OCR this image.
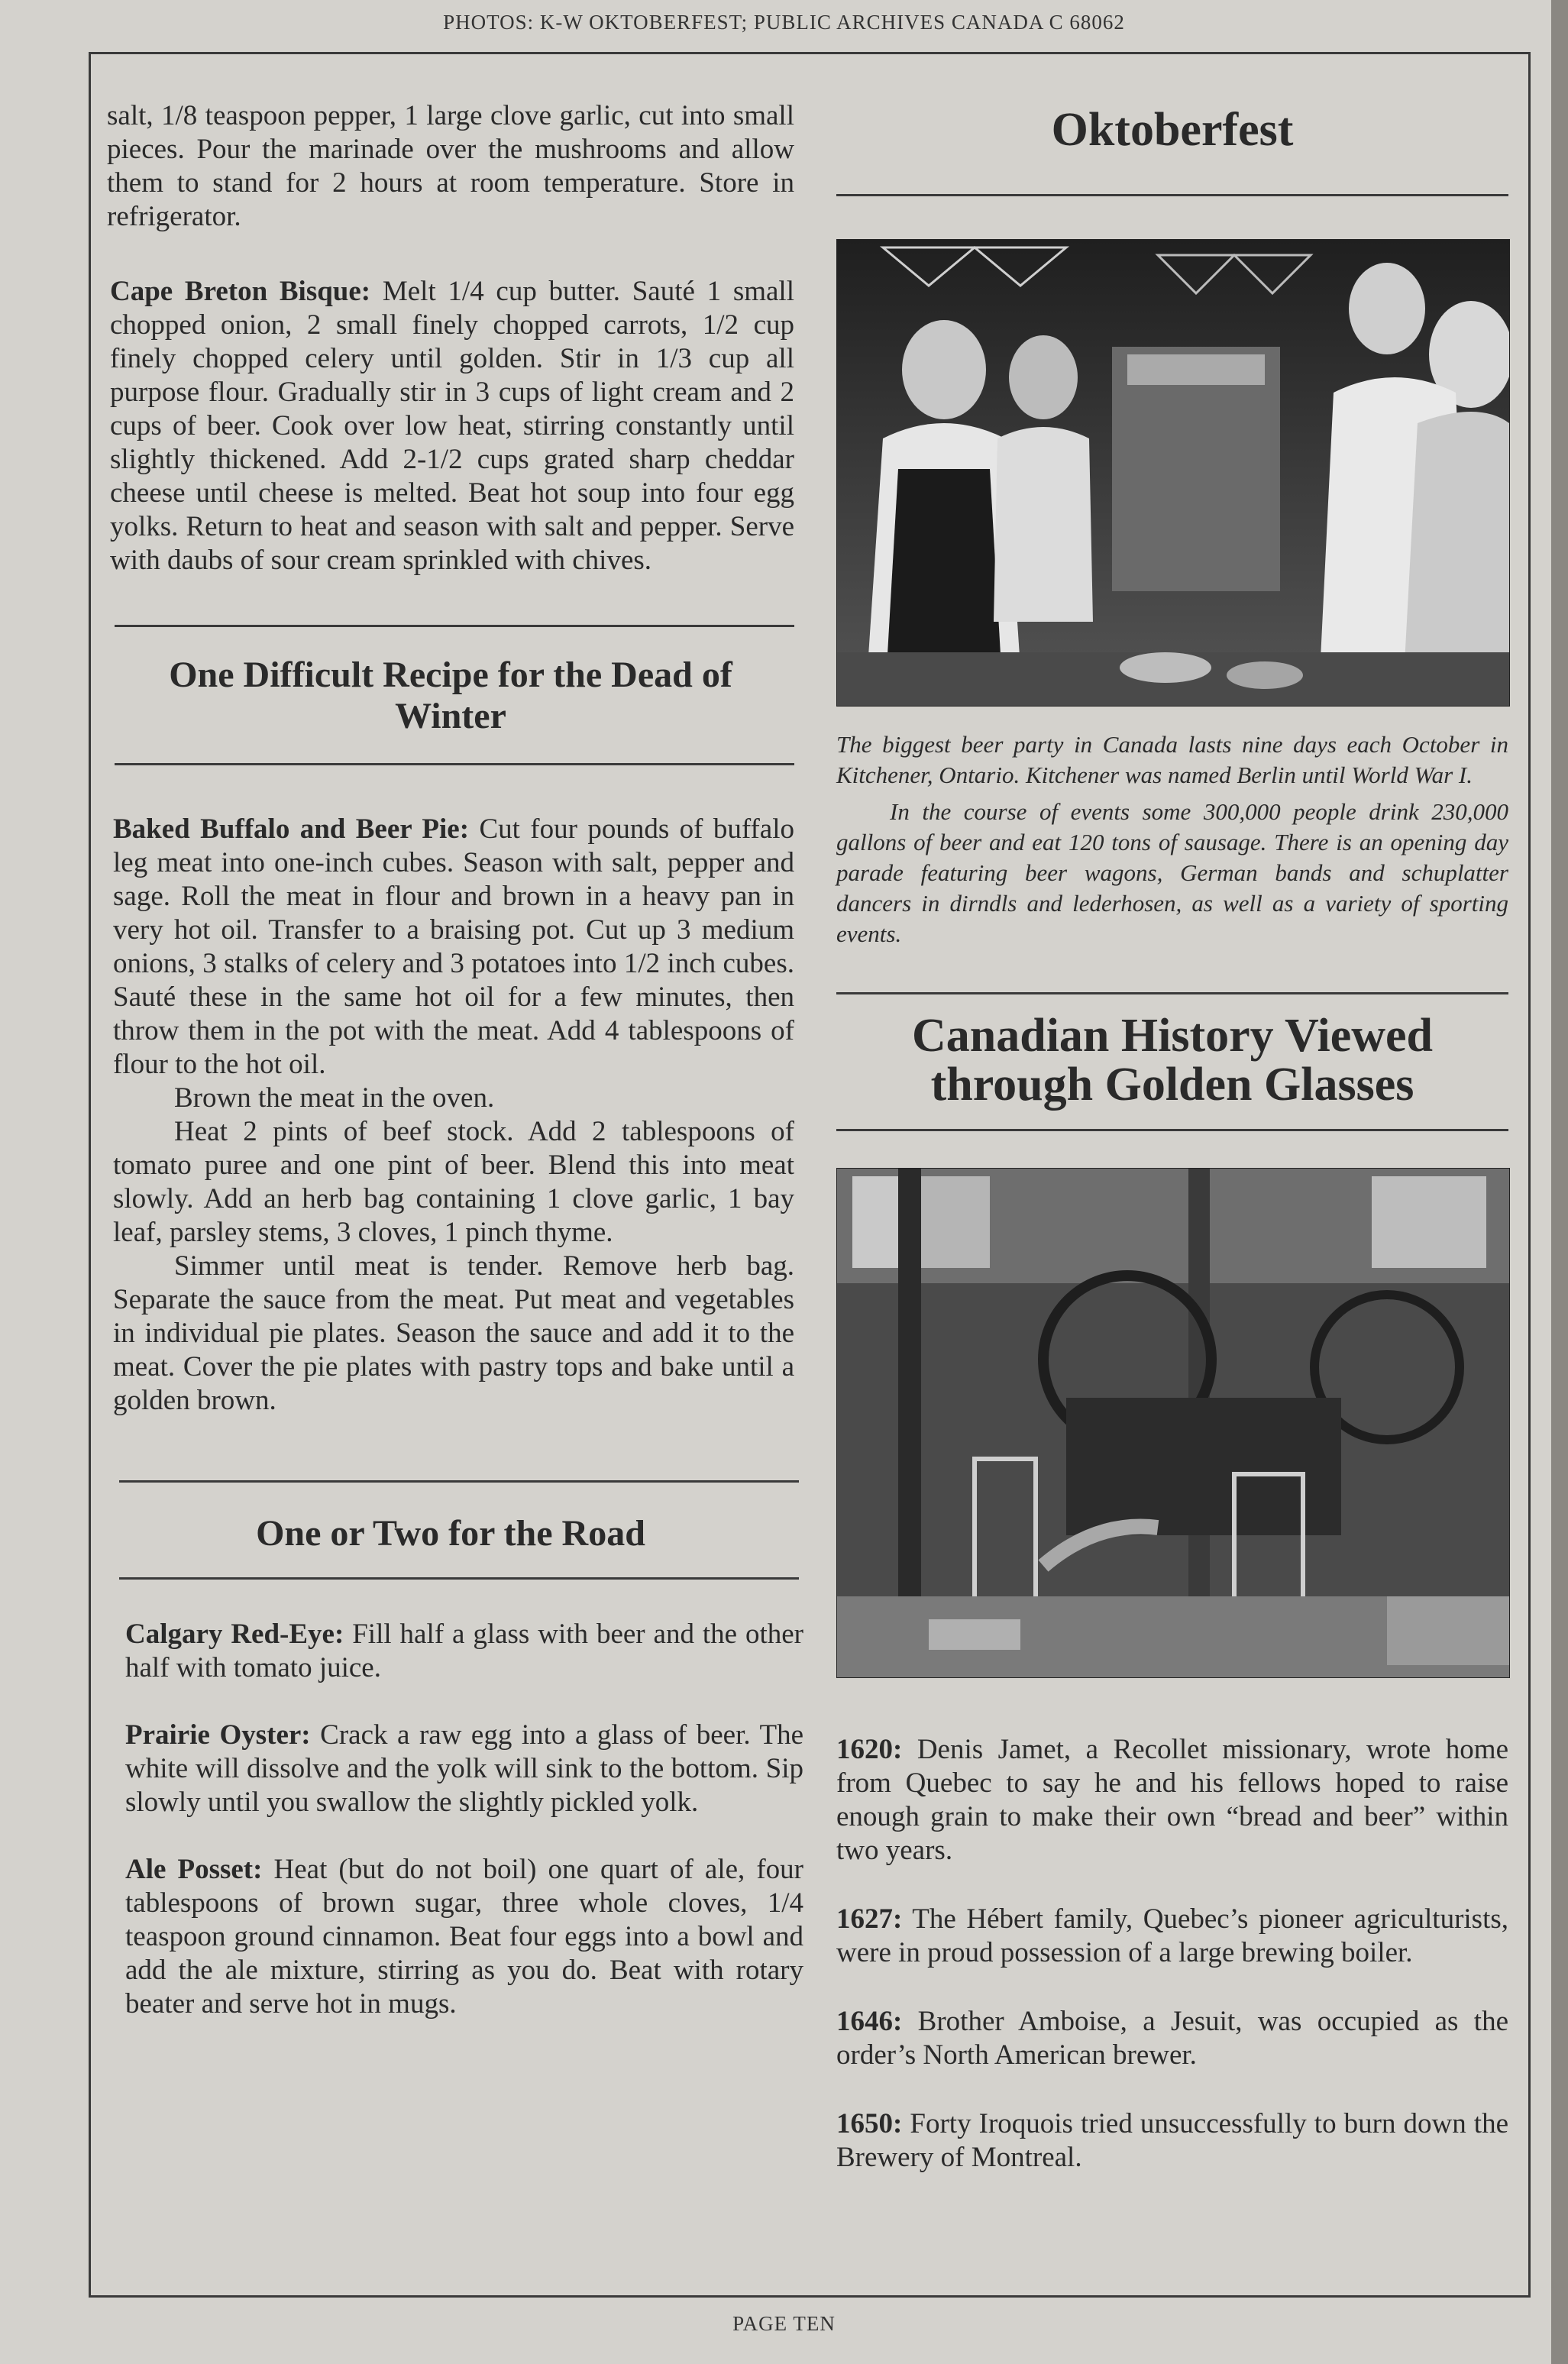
PHOTOS: K-W OKTOBERFEST; PUBLIC ARCHIVES CANADA C 68062

salt, 1/8 teaspoon pepper, 1 large clove garlic, cut into small pieces. Pour the marinade over the mushrooms and allow them to stand for 2 hours at room temperature. Store in refrigerator.

Cape Breton Bisque: Melt 1/4 cup butter. Sauté 1 small chopped onion, 2 small finely chopped carrots, 1/2 cup finely chopped celery until golden. Stir in 1/3 cup all purpose flour. Gradually stir in 3 cups of light cream and 2 cups of beer. Cook over low heat, stirring constantly until slightly thickened. Add 2-1/2 cups grated sharp cheddar cheese until cheese is melted. Beat hot soup into four egg yolks. Return to heat and season with salt and pepper. Serve with daubs of sour cream sprinkled with chives.

One Difficult Recipe for the Dead of Winter

Baked Buffalo and Beer Pie: Cut four pounds of buffalo leg meat into one-inch cubes. Season with salt, pepper and sage. Roll the meat in flour and brown in a heavy pan in very hot oil. Transfer to a braising pot. Cut up 3 medium onions, 3 stalks of celery and 3 potatoes into 1/2 inch cubes. Sauté these in the same hot oil for a few minutes, then throw them in the pot with the meat. Add 4 tablespoons of flour to the hot oil.

Brown the meat in the oven.

Heat 2 pints of beef stock. Add 2 tablespoons of tomato puree and one pint of beer. Blend this into meat slowly. Add an herb bag containing 1 clove garlic, 1 bay leaf, parsley stems, 3 cloves, 1 pinch thyme.

Simmer until meat is tender. Remove herb bag. Separate the sauce from the meat. Put meat and vegetables in individual pie plates. Season the sauce and add it to the meat. Cover the pie plates with pastry tops and bake until a golden brown.

One or Two for the Road

Calgary Red-Eye: Fill half a glass with beer and the other half with tomato juice.

Prairie Oyster: Crack a raw egg into a glass of beer. The white will dissolve and the yolk will sink to the bottom. Sip slowly until you swallow the slightly pickled yolk.

Ale Posset: Heat (but do not boil) one quart of ale, four tablespoons of brown sugar, three whole cloves, 1/4 teaspoon ground cinnamon. Beat four eggs into a bowl and add the ale mixture, stirring as you do. Beat with rotary beater and serve hot in mugs.

Oktoberfest

The biggest beer party in Canada lasts nine days each October in Kitchener, Ontario. Kitchener was named Berlin until World War I.

In the course of events some 300,000 people drink 230,000 gallons of beer and eat 120 tons of sausage. There is an opening day parade featuring beer wagons, German bands and schuplatter dancers in dirndls and lederhosen, as well as a variety of sporting events.

Canadian History Viewed through Golden Glasses

1620: Denis Jamet, a Recollet missionary, wrote home from Quebec to say he and his fellows hoped to raise enough grain to make their own “bread and beer” within two years.

1627: The Hébert family, Quebec’s pioneer agriculturists, were in proud possession of a large brewing boiler.

1646: Brother Amboise, a Jesuit, was occupied as the order’s North American brewer.

1650: Forty Iroquois tried unsuccessfully to burn down the Brewery of Montreal.

PAGE TEN
